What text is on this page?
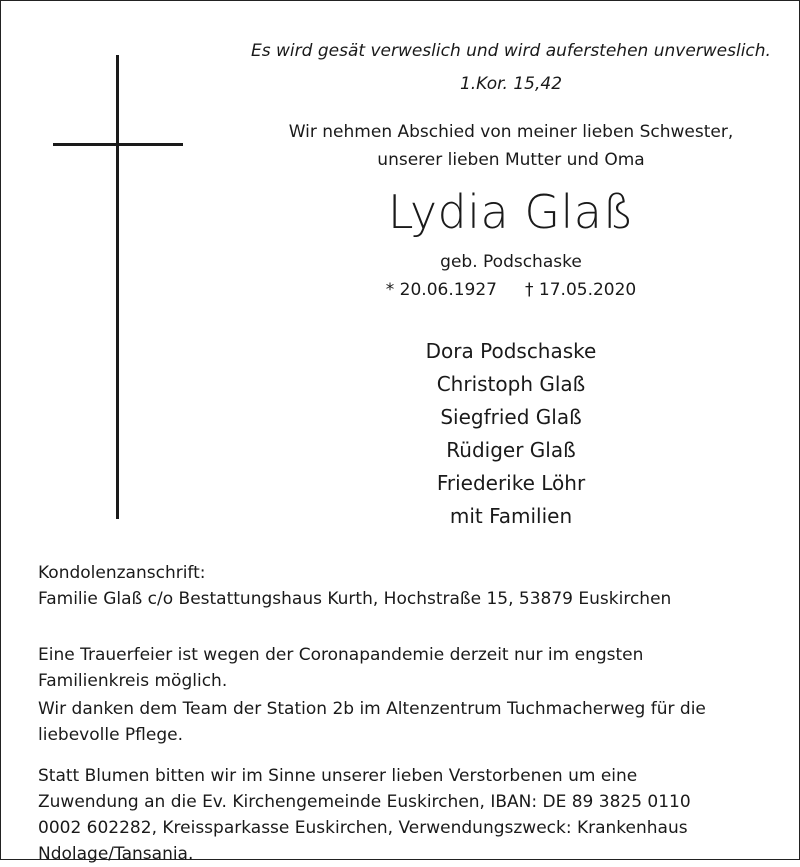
Es wird gesät verweslich und wird auferstehen unverweslich.
1.Kor. 15,42
Wir nehmen Abschied von meiner lieben Schwester,
unserer lieben Mutter und Oma
Lydia Glaß
geb. Podschaske
* 20.06.1927 † 17.05.2020
Dora Podschaske
Christoph Glaß
Siegfried Glaß
Rüdiger Glaß
Friederike Löhr
mit Familien
Kondolenzanschrift:
Familie Glaß c/o Bestattungshaus Kurth, Hochstraße 15, 53879 Euskirchen
Eine Trauerfeier ist wegen der Coronapandemie derzeit nur im engsten Familienkreis möglich.
Wir danken dem Team der Station 2b im Altenzentrum Tuchmacherweg für die liebevolle Pflege.
Statt Blumen bitten wir im Sinne unserer lieben Verstorbenen um eine Zuwendung an die Ev. Kirchengemeinde Euskirchen, IBAN: DE 89 3825 0110 0002 602282, Kreissparkasse Euskirchen, Verwendungszweck: Krankenhaus Ndolage/Tansania.
